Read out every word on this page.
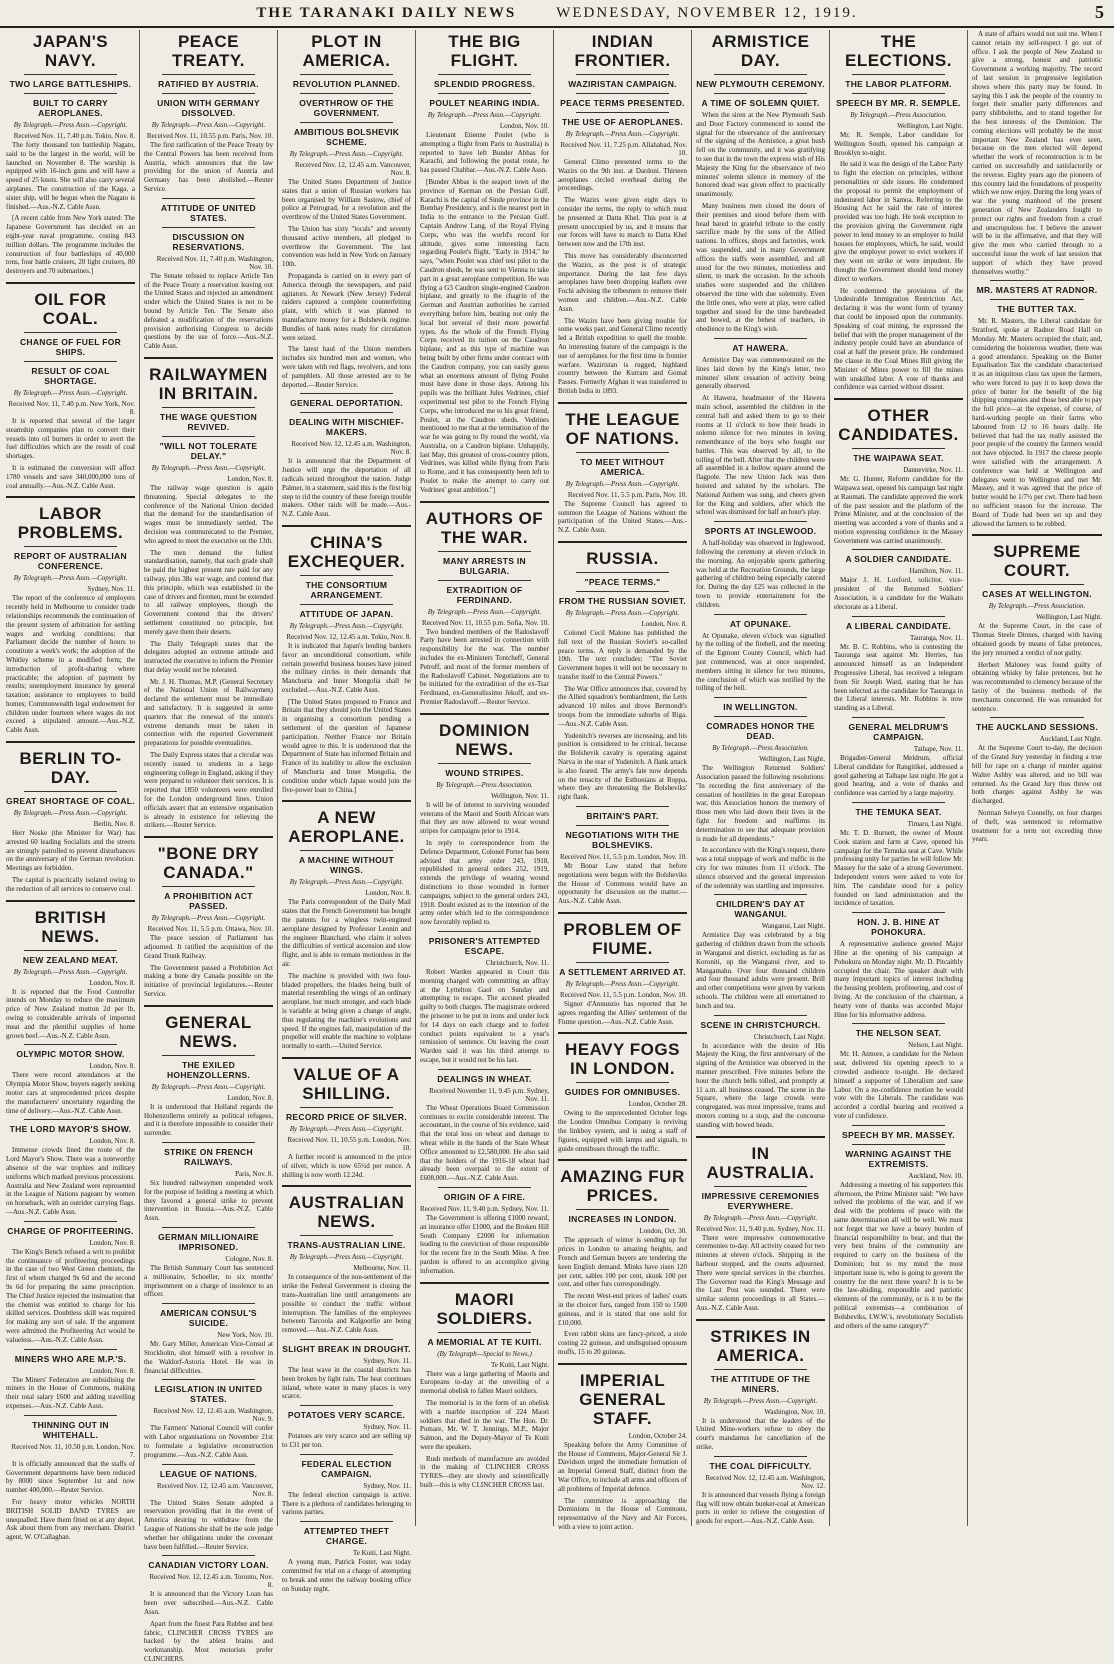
THE TARANAKI DAILY NEWS	WEDNESDAY, NOVEMBER 12, 1919.	5
JAPAN'S NAVY.
TWO LARGE BATTLESHIPS.
BUILT TO CARRY AEROPLANES.
By Telegraph.—Press Assn.—Copyright.
Received Nov. 11, 7.40 p.m. Tokio, Nov. 8.

The forty thousand ton battleship Nagato, said to be the largest in the world, will be launched on November 8. The warship is equipped with 16-inch guns and will have a speed of 25 knots. She will also carry several airplanes. The construction of the Kaga, a sister ship, will be begun when the Nagato is finished.—Aus.-N.Z. Cable Assn.

[A recent cable from New York stated: The Japanese Government has decided on an eight-year naval programme, costing 843 million dollars. The programme includes the construction of four battleships of 40,000 tons, four battle cruisers, 20 light cruisers, 80 destroyers and 70 submarines.]

OIL FOR COAL.
CHANGE OF FUEL FOR SHIPS.
RESULT OF COAL SHORTAGE.
By Telegraph.—Press Assn.—Copyright.
Received Nov. 11, 7.40 p.m. New York, Nov. 8.

It is reported that several of the larger steamship companies plan to convert their vessels into oil burners in order to avert the fuel difficulties which are the result of coal shortages.

It is estimated the conversion will affect 1780 vessels and save 340,000,000 tons of coal annually.—Aus.-N.Z. Cable Assn.

LABOR PROBLEMS.
REPORT OF AUSTRALIAN CONFERENCE.
By Telegraph.—Press Assn.—Copyright.
Sydney, Nov. 11.

The report of the conference of employers recently held in Melbourne to consider trade relationships recommends the continuation of the present system of arbitration for settling wages and working conditions; that Parliament decide the number of hours to constitute a week's work; the adoption of the Whitley scheme in a modified form; the introduction of profit-sharing where practicable; the adoption of payment by results; unemployment insurance by general taxation; assistance to employees to build homes; Commonwealth legal endowment for children under fourteen where wages do not exceed a stipulated amount.—Aus.-N.Z. Cable Assn.

BERLIN TO-DAY.
GREAT SHORTAGE OF COAL.
By Telegraph.—Press Assn.—Copyright.
Berlin, Nov. 8.

Herr Noske (the Minister for War) has arrested 60 leading Socialists and the streets are strongly patrolled to prevent disturbances on the anniversary of the German revolution. Meetings are forbidden.

The capital is practically isolated owing to the reduction of all services to conserve coal.

BRITISH NEWS.
NEW ZEALAND MEAT.
By Telegraph.—Press Assn.—Copyright.
London, Nov. 8.

It is reported that the Food Controller intends on Monday to reduce the maximum price of New Zealand mutton 2d per lb, owing to considerable arrivals of imported meat and the plentiful supplies of home grown beef.—Aus.-N.Z. Cable Assn.

OLYMPIC MOTOR SHOW.
London, Nov. 8.

There were record attendances at the Olympia Motor Show, buyers eagerly seeking motor cars at unprecedented prices despite the manufacturers' uncertainty regarding the time of delivery.—Aus.-N.Z. Cable Assn.

THE LORD MAYOR'S SHOW.
London, Nov. 8.

Immense crowds lined the route of the Lord Mayor's Show. There was a noteworthy absence of the war trophies and military uniforms which marked previous processions. Australia and New Zealand were represented in the League of Nations pageant by women on horseback, with an outrider carrying flags.—Aus.-N.Z. Cable Assn.

CHARGE OF PROFITEERING.
London, Nov. 8.

The King's Bench refused a writ to prohibit the continuance of profiteering proceedings in the case of two West Green chemists, the first of whom charged 9s 6d and the second 9s 6d for preparing the same prescription. The Chief Justice rejected the insinuation that the chemist was entitled to charge for his skilled services. Doubtless skill was required for making any sort of sale. If the argument were admitted the Profiteering Act would be valueless.—Aus.-N.Z. Cable Assn.

MINERS WHO ARE M.P.'S.
London, Nov. 8.

The Miners' Federation are subsidising the miners in the House of Commons, making their total salary £600 and adding travelling expenses.—Aus.-N.Z. Cable Assn.

THINNING OUT IN WHITEHALL.
Received Nov. 11, 10.50 p.m. London, Nov. 7.

It is officially announced that the staffs of Government departments have been reduced by 8000 since September 1st and now number 400,000.—Reuter Service.

For heavy motor vehicles NORTH BRITISH SOLID BAND TYRES are unequalled. Have them fitted on at any depot. Ask about them from any merchant. District agent, W. O'Callaghan.

PEACE TREATY.
RATIFIED BY AUSTRIA.
UNION WITH GERMANY DISSOLVED.
By Telegraph.—Press Assn.—Copyright.
Received Nov. 11, 10.55 p.m. Paris, Nov. 10.

The first ratification of the Peace Treaty by the Central Powers has been received from Austria, which announces that the law providing for the union of Austria and Germany has been abolished.—Reuter Service.

ATTITUDE OF UNITED STATES.
DISCUSSION ON RESERVATIONS.
Received Nov. 11, 7.40 p.m. Washington, Nov. 10.

The Senate refused to replace Article Ten of the Peace Treaty a reservation leaving out the United States and rejected an amendment under which the United States is not to be bound by Article Ten. The Senate also defeated a modification of the reservations provision authorising Congress to decide questions by the use of force.—Aus.-N.Z. Cable Assn.

RAILWAYMEN IN BRITAIN.
THE WAGE QUESTION REVIVED.
"WILL NOT TOLERATE DELAY."
By Telegraph.—Press Assn.—Copyright.
London, Nov. 8.

The railway wage question is again threatening. Special delegates to the conference of the National Union decided that the demand for the standardisation of wages must be immediately settled. The decision was communicated to the Premier, who agreed to meet the executive on the 13th.

The men demand the fullest standardisation, namely, that each grade shall be paid the highest present rate paid for any railway, plus 38s war wage, and contend that this principle, which was established in the case of drivers and firemen, must be extended to all railway employees, though the Government contend that the drivers' settlement constituted no principle, but merely gave them their deserts.

The Daily Telegraph states that the delegates adopted an extreme attitude and instructed the executive to inform the Premier that delay would not be tolerated.

Mr. J. H. Thomas, M.P. (General Secretary of the National Union of Railwaymen) declared the settlement must be immediate and satisfactory. It is suggested in some quarters that the renewal of the union's extreme demands must be taken in connection with the reported Government preparations for possible eventualities.

The Daily Express states that a circular was recently issued to students in a large engineering college in England, asking if they were prepared to volunteer their services. It is reported that 1850 volunteers were enrolled for the London underground lines. Union officials assert that an extensive organisation is already in existence for relieving the strikers.—Reuter Service.

"BONE DRY CANADA."
A PROHIBITION ACT PASSED.
By Telegraph.—Press Assn.—Copyright.
Received Nov. 11, 5.5 p.m. Ottawa, Nov. 10.

The peace session of Parliament has adjourned. It ratified the acquisition of the Grand Trunk Railway.

The Government passed a Prohibition Act making a bone dry Canada possible on the initiative of provincial legislatures.—Reuter Service.

GENERAL NEWS.
THE EXILED HOHENZOLLERNS.
By Telegraph.—Press Assn.—Copyright.
London, Nov. 8.

It is understood that Holland regards the Hohenzollerns entirely as political refugees, and it is therefore impossible to consider their surrender.

STRIKE ON FRENCH RAILWAYS.
Paris, Nov. 8.

Six hundred railwaymen suspended work for the purpose of holding a meeting at which they favored a general strike to prevent intervention in Russia.—Aus.-N.Z. Cable Assn.

GERMAN MILLIONAIRE IMPRISONED.
Cologne, Nov. 8.

The British Summary Court has sentenced a millionaire, Schoeller, to six months' imprisonment on a charge of insolence to an officer.

AMERICAN CONSUL'S SUICIDE.
New York, Nov. 10.

Mr. Gary Miller, American Vice-Consul at Stockholm, shot himself with a revolver in the Waldorf-Astoria Hotel. He was in financial difficulties.

LEGISLATION IN UNITED STATES.
Received Nov. 12, 12.45 a.m. Washington, Nov. 9.

The Farmers' National Council will confer with Labor organisations on November 21st to formulate a legislative reconstruction programme.—Aus.-N.Z. Cable Assn.

LEAGUE OF NATIONS.
Received Nov. 12, 12.45 a.m. Vancouver, Nov. 8.

The United States Senate adopted a reservation providing that in the event of America desiring to withdraw from the League of Nations she shall be the sole judge whether her obligations under the covenant have been fulfilled.—Reuter Service.

CANADIAN VICTORY LOAN.
Received Nov. 12, 12.45 a.m. Toronto, Nov. 8.

It is announced that the Victory Loan has been over subscribed.—Aus.-N.Z. Cable Assn.

Apart from the finest Para Rubber and best fabric, CLINCHER CROSS TYRES are backed by the ablest brains and workmanship. Most motorists prefer CLINCHERS.

PLOT IN AMERICA.
REVOLUTION PLANNED.
OVERTHROW OF THE GOVERNMENT.
AMBITIOUS BOLSHEVIK SCHEME.
By Telegraph.—Press Assn.—Copyright.
Received Nov. 12, 12.45 a.m. Vancouver, Nov. 8.

The United States Department of Justice states that a union of Russian workers has been organised by William Sastow, chief of police at Petrograd, for a revolution and the overthrow of the United States Government.

The Union has sixty "locals" and seventy thousand active members, all pledged to overthrow the Government. The last convention was held in New York on January 10th.

Propaganda is carried on in every part of America through the newspapers, and paid agitators. At Newark (New Jersey) Federal raiders captured a complete counterfeiting plant, with which it was planned to manufacture money for a Bolshevik regime. Bundles of bank notes ready for circulation were seized.

The latest haul of the Union members includes six hundred men and women, who were taken with red flags, revolvers, and tons of pamphlets. All those arrested are to be deported.—Reuter Service.

GENERAL DEPORTATION.
DEALING WITH MISCHIEF-MAKERS.
Received Nov. 12, 12.45 a.m. Washington, Nov. 8.

It is announced that the Department of Justice will urge the deportation of all radicals seized throughout the nation. Judge Palmer, in a statement, said this is the first big step to rid the country of these foreign trouble makers. Other raids will be made.—Aus.-N.Z. Cable Assn.

CHINA'S EXCHEQUER.
THE CONSORTIUM ARRANGEMENT.
ATTITUDE OF JAPAN.
By Telegraph.—Press Assn.—Copyright.
Received Nov. 12, 12.45 a.m. Tokio, Nov. 8.

It is indicated that Japan's lending bankers favor an unconditional consortium, while certain powerful business houses have joined the military circles in their demands that Manchuria and Inner Mongolia shall be excluded.—Aus.-N.Z. Cable Assn.

[The United States proposed to France and Britain that they should join the United States in organising a consortium pending a settlement of the question of Japanese participation. Neither France nor Britain would agree to this. It is understood that the Department of State has informed Britain and France of its inability to allow the exclusion of Manchuria and Inner Mongolia, the condition under which Japan would join the five-power loan to China.]

A NEW AEROPLANE.
A MACHINE WITHOUT WINGS.
By Telegraph.—Press Assn.—Copyright.
London, Nov. 8.

The Paris correspondent of the Daily Mail states that the French Government has bought the patents for a wingless twin-engined aeroplane designed by Professor Leonin and the engineer Blanchard, who claim it solves the difficulties of vertical ascension and slow flight, and is able to remain motionless in the air.

The machine is provided with two four-bladed propellers, the blades being built of material resembling the wings of an ordinary aeroplane, but much stronger, and each blade is variable at being given a change of angle, thus regulating the machine's evolutions and speed. If the engines fail, manipulation of the propeller will enable the machine to volplane normally to earth.—United Service.

VALUE OF A SHILLING.
RECORD PRICE OF SILVER.
By Telegraph.—Press Assn.—Copyright.
Received Nov. 11, 10.55 p.m. London, Nov. 10.

A further record is announced in the price of silver, which is now 65½d per ounce. A shilling is now worth 12.24d.

AUSTRALIAN NEWS.
TRANS-AUSTRALIAN LINE.
By Telegraph.—Press Assn.—Copyright.
Melbourne, Nov. 11.

In consequence of the non-settlement of the strike the Federal Government is closing the trans-Australian line until arrangements are possible to conduct the traffic without interruption. The families of the employees between Tarcoola and Kalgoorlie are being removed.—Aus.-N.Z. Cable Assn.

SLIGHT BREAK IN DROUGHT.
Sydney, Nov. 11.

The heat wave in the coastal districts has been broken by light rain. The heat continues inland, where water in many places is very scarce.

POTATOES VERY SCARCE.
Sydney, Nov. 11.

Potatoes are very scarce and are selling up to £31 per ton.

FEDERAL ELECTION CAMPAIGN.
Sydney, Nov. 11.

The federal election campaign is active. There is a plethora of candidates belonging to various parties.

ATTEMPTED THEFT CHARGE.
Te Kuiti, Last Night.

A young man, Patrick Foster, was today committed for trial on a charge of attempting to break and enter the railway booking office on Sunday night.

THE BIG FLIGHT.
SPLENDID PROGRESS.
POULET NEARING INDIA.
By Telegraph.—Press Assn.—Copyright.
London, Nov. 10.

Lieutenant Etienne Poulet (who is attempting a flight from Paris to Australia) is reported to have left Bunder Abbas for Karachi, and following the postal route, he has passed Chahbar.—Aus.-N.Z. Cable Assn.

[Bunder Abbas is the seaport town of the province of Kerman on the Persian Gulf. Karachi is the capital of Sinde province in the Bombay Presidency, and is the nearest port in India to the entrance to the Persian Gulf. Captain Andrew Lang, of the Royal Flying Corps, who was the world's record for altitude, gives some interesting facts regarding Poulet's flight. "Early in 1914," he says, "when Poulet was chief test pilot to the Caudron sheds, he was sent to Vienna to take part in a great aeroplane competition. He was flying a G3 Caudron single-engined Caudron biplane, and greatly to the chagrin of the German and Austrian authorities he carried everything before him, beating not only the local but several of their more powerful types. As the whole of the French Flying Corps received its tuition on the Caudron biplane, and as this type of machine was being built by other firms under contract with the Caudron company, you can easily guess what an enormous amount of flying Poulet must have done in those days. Among his pupils was the brilliant Jules Vedrines, chief experimental test pilot to the French Flying Corps, who introduced me to his great friend, Poulet, at the Caudron sheds. Vedrines mentioned to me that at the termination of the war he was going to fly round the world, via Australia, on a Caudron biplane. Unhappily, last May, this greatest of cross-country pilots, Vedrines, was killed while flying from Paris to Rome, and it has consequently been left to Poulet to make the attempt to carry out Vedrines' great ambition."]

AUTHORS OF THE WAR.
MANY ARRESTS IN BULGARIA.
EXTRADITION OF FERDINAND.
By Telegraph.—Press Assn.—Copyright.
Received Nov. 11, 10.55 p.m. Sofia, Nov. 10.

Two hundred members of the Radoslavoff Party have been arrested in connection with responsibility for the war. The number includes the ex-Ministers Tontcheff, General Petroff, and most of the former members of the Radoslavoff Cabinet. Negotiations are to be initiated for the extradition of the ex-Tsar Ferdinand, ex-Generalissimo Jekoff, and ex-Premier Radoslavoff.—Reuter Service.

DOMINION NEWS.
WOUND STRIPES.
By Telegraph.—Press Association.
Wellington, Nov. 11.

It will be of interest to surviving wounded veterans of the Maori and South African wars that they are now allowed to wear wound stripes for campaigns prior to 1914.

In reply to correspondence from the Defence Department, Colonel Porter has been advised that army order 243, 1918, republished in general orders 252, 1919, extends the privilege of wearing wound distinctions to those wounded in former campaigns, subject to the general orders 243, 1918. Doubt existed as to the intention of the army order which led to the correspondence now favorably replied to.

PRISONER'S ATTEMPTED ESCAPE.
Christchurch, Nov. 11.

Robert Warden appeared in Court this morning charged with committing an affray at the Lyttelton Gaol on Sunday and attempting to escape. The accused pleaded guilty to both charges. The magistrate ordered the prisoner to be put in irons and under lock for 14 days on each charge and to forfeit conduct points equivalent to a year's remission of sentence. On leaving the court Warden said it was his third attempt to escape, but it would not be his last.

DEALINGS IN WHEAT.
Received November 11, 9.45 p.m. Sydney, Nov. 11.

The Wheat Operations Board Commission continues to excite considerable interest. The accountant, in the course of his evidence, said that the total loss on wheat and damage to wheat while in the hands of the State Wheat Office amounted to £2,580,000. He also said that the holders of the 1916-18 wheat had already been overpaid to the extent of £608,000.—Aus.-N.Z. Cable Assn.

ORIGIN OF A FIRE.
Received Nov. 11, 9.40 p.m. Sydney, Nov. 11.

The Government is offering £1000 reward, an insurance offer £1000, and the Broken Hill South Company £2000 for information leading to the conviction of those responsible for the recent fire in the South Mine. A free pardon is offered to an accomplice giving information.

MAORI SOLDIERS.
A MEMORIAL AT TE KUITI.
(By Telegraph—Special to News.)
Te Kuiti, Last Night.

There was a large gathering of Maoris and Europeans to-day at the unveiling of a memorial obelisk to fallen Maori soldiers.

The memorial is in the form of an obelisk with a marble inscription of 224 Maori soldiers that died in the war. The Hon. Dr. Pomare, Mr. W. T. Jennings, M.P., Major Salmon, and the Deputy-Mayor of Te Kuiti were the speakers.

Rush methods of manufacture are avoided in the making of CLINCHER CROSS TYRES—they are slowly and scientifically built—this is why CLINCHER CROSS last.

INDIAN FRONTIER.
WAZIRISTAN CAMPAIGN.
PEACE TERMS PRESENTED.
THE USE OF AEROPLANES.
By Telegraph.—Press Assn.—Copyright.
Received Nov. 11, 7.25 p.m. Allahabad, Nov. 10.

General Climo presented terms to the Wazirs on the 9th inst. at Dardoni. Thirteen aeroplanes circled overhead during the proceedings.

The Wazirs were given eight days to consider the terms, the reply to which must be presented at Datta Khel. This post is at present unoccupied by us, and it means that our forces will have to march to Datta Khel between now and the 17th inst.

This move has considerably disconcerted the Wazirs, as the post is of strategic importance. During the last few days aeroplanes have been dropping leaflets over Fochi advising the tribesmen to remove their women and children.—Aus.-N.Z. Cable Assn.

The Wazirs have been giving trouble for some weeks past, and General Climo recently led a British expedition to quell the trouble. An interesting feature of the campaign is the use of aeroplanes for the first time in frontier warfare. Waziristan is rugged, highland country between the Kurram and Gomal Passes. Formerly Afghan it was transferred to British India in 1893.

THE LEAGUE OF NATIONS.
TO MEET WITHOUT AMERICA.
By Telegraph.—Press Assn.—Copyright.
Received Nov. 11, 5.5 p.m. Paris, Nov. 10.

The Supreme Council has agreed to summon the League of Nations without the participation of the United States.—Aus.-N.Z. Cable Assn.

RUSSIA.
"PEACE TERMS."
FROM THE RUSSIAN SOVIET.
By Telegraph.—Press Assn.—Copyright.
London, Nov. 8.

Colonel Cecil Malone has published the full text of the Russian Soviet's so-called peace terms. A reply is demanded by the 10th. The text concludes: "The Soviet Government hopes it will not be necessary to transfer itself to the Central Powers."

The War Office announces that, covered by the Allied squadron's bombardment, the Letts advanced 10 miles and drove Bermondt's troops from the immediate suburbs of Riga.—Aus.-N.Z. Cable Assn.

Yudenitch's reverses are increasing, and his position is considered to be critical, because the Bolshevik cavalry is operating against Narva in the rear of Yudenitch. A flank attack is also feared. The army's fate now depends on the tenacity of the Esthonians at Roppa, where they are threatening the Bolsheviks' right flank.

BRITAIN'S PART.
NEGOTIATIONS WITH THE BOLSHEVIKS.
Received Nov. 11, 5.5 p.m. London, Nov. 10.

Mr Bonar Law stated that before negotiations were begun with the Bolsheviks the House of Commons would have an opportunity for discussion on the matter.—Aus.-N.Z. Cable Assn.

PROBLEM OF FIUME.
A SETTLEMENT ARRIVED AT.
By Telegraph.—Press Assn.—Copyright.
Received Nov. 11, 5.5 p.m. London, Nov. 10.

Signor d'Annunzio has reported that he agrees regarding the Allies' settlement of the Fiume question.—Aus.-N.Z. Cable Assn.

HEAVY FOGS IN LONDON.
GUIDES FOR OMNIBUSES.
London, October 28.

Owing to the unprecedented October fogs the London Omnibus Company is reviving the linkboy system, and is using a staff of figures, equipped with lamps and signals, to guide omnibuses through the traffic.

AMAZING FUR PRICES.
INCREASES IN LONDON.
London, Oct. 30.

The approach of winter is sending up fur prices in London to amazing heights, and French and German buyers are tendering the keen English demand. Minks have risen 120 per cent, sables 100 per cent, skunk 100 per cent, and other furs correspondingly.

The recent West-end prices of ladies' coats in the choicer furs, ranged from 150 to 1500 guineas, and it is stated that one sold for £10,000.

Even rabbit skins are fancy-priced, a stole costing 22 guineas, and undisguised opossum muffs, 15 to 20 guineas.

IMPERIAL GENERAL STAFF.
London, October 24.

Speaking before the Army Committee of the House of Commons, Major-General Sir J. Davidson urged the immediate formation of an Imperial General Staff, distinct from the War Office, to include all arms and officers of all problems of Imperial defence.

The committee is approaching the Dominions in the House of Commons, representative of the Navy and Air Forces, with a view to joint action.

ARMISTICE DAY.
NEW PLYMOUTH CEREMONY.
A TIME OF SOLEMN QUIET.

When the siren at the New Plymouth Sash and Door Factory commenced to sound the signal for the observance of the anniversary of the signing of the Armistice, a great hush fell on the community, and it was gratifying to see that in the town the express wish of His Majesty the King for the observance of two minutes' solemn silence in memory of the honored dead was given effect to practically unanimously.

Many business men closed the doors of their premises and stood before them with head bared in grateful tribute to the costly sacrifice made by the sons of the Allied nations. In offices, shops and factories, work was suspended, and in many Government offices the staffs were assembled, and all stood for the two minutes, motionless and silent, to mark the occasion. In the schools studies were suspended and the children observed the time with due solemnity. Even the little ones, who were at play, were called together and stood for the time bareheaded and bowed, at the behest of teachers, in obedience to the King's wish.

AT HAWERA.

Armistice Day was commemorated on the lines laid down by the King's letter, two minutes' silent cessation of activity being generally observed.

At Hawera, headmaster of the Hawera main school, assembled the children in the central hall and asked them to go to their rooms at 11 o'clock to bow their heads in solemn silence for two minutes in loving remembrance of the boys who fought our battles. This was observed by all, to the tolling of the bell. After that the children were all assembled in a hollow square around the flagpole. The new Union Jack was then hoisted and saluted by the scholars. The National Anthem was sung, and cheers given for the King and soldiers, after which the school was dismissed for half an hour's play.

SPORTS AT INGLEWOOD.

A half-holiday was observed in Inglewood, following the ceremony at eleven o'clock in the morning. An enjoyable sports gathering was held at the Recreation Grounds, the large gathering of children being especially catered for. During the day £25 was collected in the town to provide entertainment for the children.

AT OPUNAKE.

At Opunake, eleven o'clock was signalled by the tolling of the firebell, and the meeting of the Egmont County Council, which had just commenced, was at once suspended, members sitting in silence for two minutes, the conclusion of which was notified by the tolling of the bell.

IN WELLINGTON.
COMRADES HONOR THE DEAD.
By Telegraph.—Press Association.
Wellington, Last Night.

The Wellington Returned Soldiers' Association passed the following resolutions: "In recording the first anniversary of the cessation of hostilities in the great European war, this Association honors the memory of those men who laid down their lives in the fight for freedom and reaffirms its determination to see that adequate provision is made for all dependents."

In accordance with the King's request, there was a total stoppage of work and traffic in the city for two minutes from 11 o'clock. The silence observed and the general impression of the solemnity was startling and impressive.

CHILDREN'S DAY AT WANGANUI.
Wanganui, Last Night.

Armistice Day was celebrated by a big gathering of children drawn from the schools in Wanganui and district, excluding as far as Koroniti, up the Wanganui river, and to Mangamahu. Over four thousand children and four thousand adults were present. Brill and other competitions were given by various schools. The children were all entertained to lunch and tea.

SCENE IN CHRISTCHURCH.
Christchurch, Last Night.

In accordance with the desire of His Majesty the King, the first anniversary of the signing of the Armistice was observed in the manner prescribed. Five minutes before the hour the church bells tolled, and promptly at 11 a.m. all business ceased. The scene in the Square, where the large crowds were congregated, was most impressive, trams and motors coming to a stop, and the concourse standing with bowed heads.

IN AUSTRALIA.
IMPRESSIVE CEREMONIES EVERYWHERE.
By Telegraph.—Press Assn.—Copyright.
Received Nov. 11, 9.40 p.m. Sydney, Nov. 11.

There were impressive commemorative ceremonies to-day. All activity ceased for two minutes at eleven o'clock. Shipping in the harbour stopped, and the courts adjourned. There were special services in the churches. The Governor read the King's Message and the Last Post was sounded. There were similar solemn proceedings in all States.—Aus.-N.Z. Cable Assn.

STRIKES IN AMERICA.
THE ATTITUDE OF THE MINERS.
By Telegraph.—Press Assn.—Copyright.
Washington, Nov. 10.

It is understood that the leaders of the United Mine-workers refuse to obey the court's mandamus for cancellation of the strike.

THE COAL DIFFICULTY.
Received Nov. 12, 12.45 a.m. Washington, Nov. 12.

It is announced that vessels flying a foreign flag will now obtain bunker-coal at American ports in order to relieve the congestion of goods for export.—Aus.-N.Z. Cable Assn.

THE ELECTIONS.
THE LABOR PLATFORM.
SPEECH BY MR. R. SEMPLE.
By Telegraph.—Press Association.
Wellington, Last Night.

Mr. R. Semple, Labor candidate for Wellington South, opened his campaign at Brooklyn to-night.

He said it was the design of the Labor Party to fight the election on principles, without personalities or side issues. He condemned the proposal to permit the employment of indentured labor in Samoa. Referring to the Housing Act he said the rate of interest provided was too high. He took exception to the provision giving the Government right power to lend money to an employer to build houses for employees, which, he said, would give the employer power to evict workers if they went on strike or were impudent. He thought the Government should lend money direct to workers.

He condemned the provisions of the Undesirable Immigration Restriction Act, declaring it was the worst form of tyranny that could be imposed upon the community. Speaking of coal mining, he expressed the belief that with the proper management of the industry people could have an abundance of coal at half the present price. He condemned the clause in the Coal Mines Bill giving the Minister of Mines power to fill the mines with unskilled labor. A vote of thanks and confidence was carried without dissent.

OTHER CANDIDATES.
THE WAIPAWA SEAT.
Dannevirke, Nov. 11.

Mr. G. Hunter, Reform candidate for the Waipawa seat, opened his campaign last night at Raumati. The candidate approved the work of the past session and the platform of the Prime Minister, and at the conclusion of the meeting was accorded a vote of thanks and a motion expressing confidence in the Massey Government was carried unanimously.

A SOLDIER CANDIDATE.
Hamilton, Nov. 11.

Major J. H. Luxford, solicitor, vice-president of the Returned Soldiers' Association, is a candidate for the Waikato electorate as a Liberal.

A LIBERAL CANDIDATE.
Tauranga, Nov. 11.

Mr. B. C. Robbins, who is contesting the Tauranga seat against Mr. Herries, has announced himself as an Independent Progressive Liberal, has received a telegram from Sir Joseph Ward, stating that he has been selected as the candidate for Tauranga in the Liberal interests. Mr. Robbins is now standing as a Liberal.

GENERAL MELDRUM'S CAMPAIGN.
Taihape, Nov. 11.

Brigadier-General Meldrum, official Liberal candidate for Rangitikei, addressed a good gathering at Taihape last night. He got a good hearing, and a vote of thanks and confidence was carried by a large majority.

THE TEMUKA SEAT.
Timaru, Last Night.

Mr. T. D. Burnett, the owner of Mount Cook station and farm at Cave, opened his campaign for the Temuka seat at Cave. While professing unity for parties he will follow Mr. Massey for the sake of a strong Government. Independent voters were asked to vote for him. The candidate stood for a policy founded on land administration and the incidence of taxation.

HON. J. B. HINE AT POHOKURA.

A representative audience greeted Major Hine at the opening of his campaign at Pohokura on Monday night. Mr. D. Pitcaithly occupied the chair. The speaker dealt with many important topics of interest including the housing problem, profiteering, and cost of living. At the conclusion of the chairman, a hearty vote of thanks was accorded Major Hine for his informative address.

THE NELSON SEAT.
Nelson, Last Night.

Mr. H. Atmore, a candidate for the Nelson seat, delivered his opening speech to a crowded audience to-night. He declared himself a supporter of Liberalism and sane Labor. On a no-confidence motion he would vote with the Liberals. The candidate was accorded a cordial hearing and received a vote of confidence.

SPEECH BY MR. MASSEY.
WARNING AGAINST THE EXTREMISTS.
Auckland, Nov. 10.

Addressing a meeting of his supporters this afternoon, the Prime Minister said: "We have solved the problems of the war, and if we deal with the problems of peace with the same determination all will be well. We must not forget that we have a heavy burden of financial responsibility to bear, and that the very best brains of the community are required to carry on the business of the Dominion; but to my mind the most important issue is, who is going to govern the country for the next three years? It is to be the law-abiding, responsible and patriotic elements of the community, or is it to be the political extremists—a combination of Bolsheviks, I.W.W.'s, revolutionary Socialists and others of the same category?"

A state of affairs would not suit me. When I cannot retain my self-respect I go out of office. I ask the people of New Zealand to give a strong, honest and patriotic Government a working majority. The record of last session in progressive legislation shows where this party may be found. In saying this I ask the people of the country to forget their smaller party differences and party shibboleths, and to stand together for the best interests of the Dominion. The coming elections will probably be the most important New Zealand has ever seen, because on the men elected will depend whether the work of reconstruction is to be carried on successfully and satisfactorily or the reverse. Eighty years ago the pioneers of this country laid the foundations of prosperity which we now enjoy. During the long years of war the young manhood of the present generation of New Zealanders fought to protect our rights and freedom from a cruel and unscrupulous foe. I believe the answer will be in the affirmative, and that they will give the men who carried through to a successful issue the work of last session that support of which they have proved themselves worthy."

MR. MASTERS AT RADNOR.
THE BUTTER TAX.

Mr. R. Masters, the Liberal candidate for Stratford, spoke at Radnor Road Hall on Monday. Mr. Masters occupied the chair, and, considering the boisterous weather, there was a good attendance. Speaking on the Butter Equalisation Tax the candidate characterised it as an iniquitous class tax upon the farmers, who were forced to pay it to keep down the price of butter for the benefit of the big shipping companies and those best able to pay the full price—at the expense, of course, of hard-working people on their farms who laboured from 12 to 16 hours daily. He believed that had the tax really assisted the poor people of the country the farmers would not have objected. In 1917 the cheese people were satisfied with the arrangement. A conference was held at Wellington and delegates went to Wellington and met Mr. Massey, and it was agreed that the price of butter would be 1/7½ per cwt. There had been no sufficient reason for the increase. The Board of Trade had been set up and they allowed the farmers to be robbed.

SUPREME COURT.
CASES AT WELLINGTON.
By Telegraph.—Press Association.
Wellington, Last Night.

At the Supreme Court, in the case of Thomas Steele Dinnes, charged with having obtained goods by means of false pretences, the jury returned a verdict of not guilty.

Herbert Maloney was found guilty of obtaining whisky by false pretences, but he was recommended to clemency because of the laxity of the business methods of the merchants concerned. He was remanded for sentence.

THE AUCKLAND SESSIONS.
Auckland, Last Night.

At the Supreme Court to-day, the decision of the Grand Jury yesterday in finding a true bill for rape on a charge of murder against Walter Ashby was altered, and no bill was returned. As the Grand Jury thus threw out both charges against Ashby he was discharged.

Norman Selwyn Connelly, on four charges of theft, was sentenced to reformative treatment for a term not exceeding three years.
